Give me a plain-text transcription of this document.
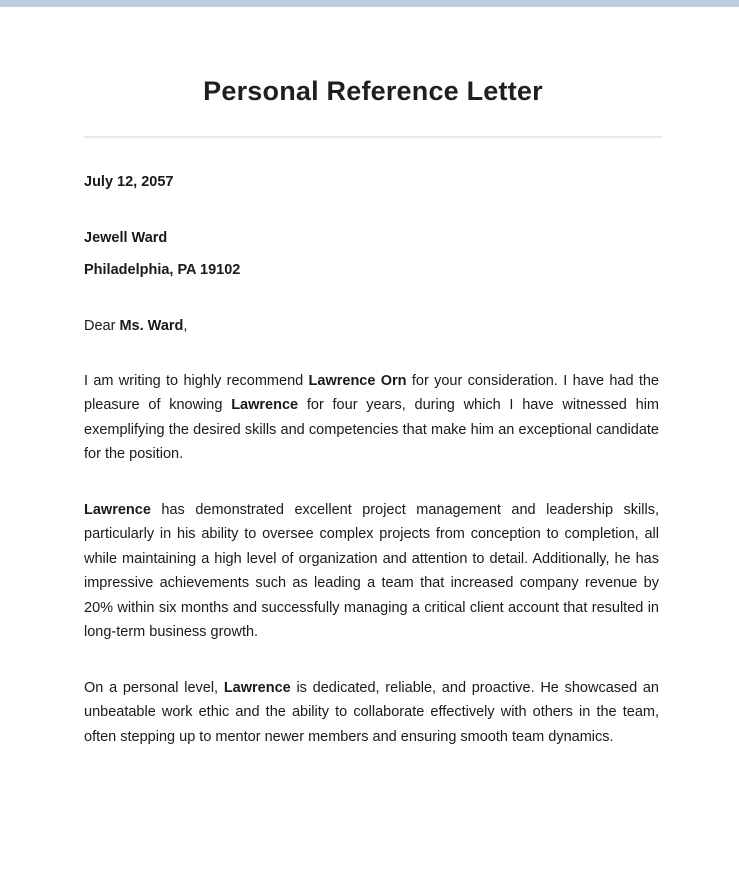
Personal Reference Letter
July 12, 2057
Jewell Ward
Philadelphia, PA 19102
Dear Ms. Ward,

I am writing to highly recommend Lawrence Orn for your consideration. I have had the pleasure of knowing Lawrence for four years, during which I have witnessed him exemplifying the desired skills and competencies that make him an exceptional candidate for the position.

Lawrence has demonstrated excellent project management and leadership skills, particularly in his ability to oversee complex projects from conception to completion, all while maintaining a high level of organization and attention to detail. Additionally, he has impressive achievements such as leading a team that increased company revenue by 20% within six months and successfully managing a critical client account that resulted in long-term business growth.

On a personal level, Lawrence is dedicated, reliable, and proactive. He showcased an unbeatable work ethic and the ability to collaborate effectively with others in the team, often stepping up to mentor newer members and ensuring smooth team dynamics.
